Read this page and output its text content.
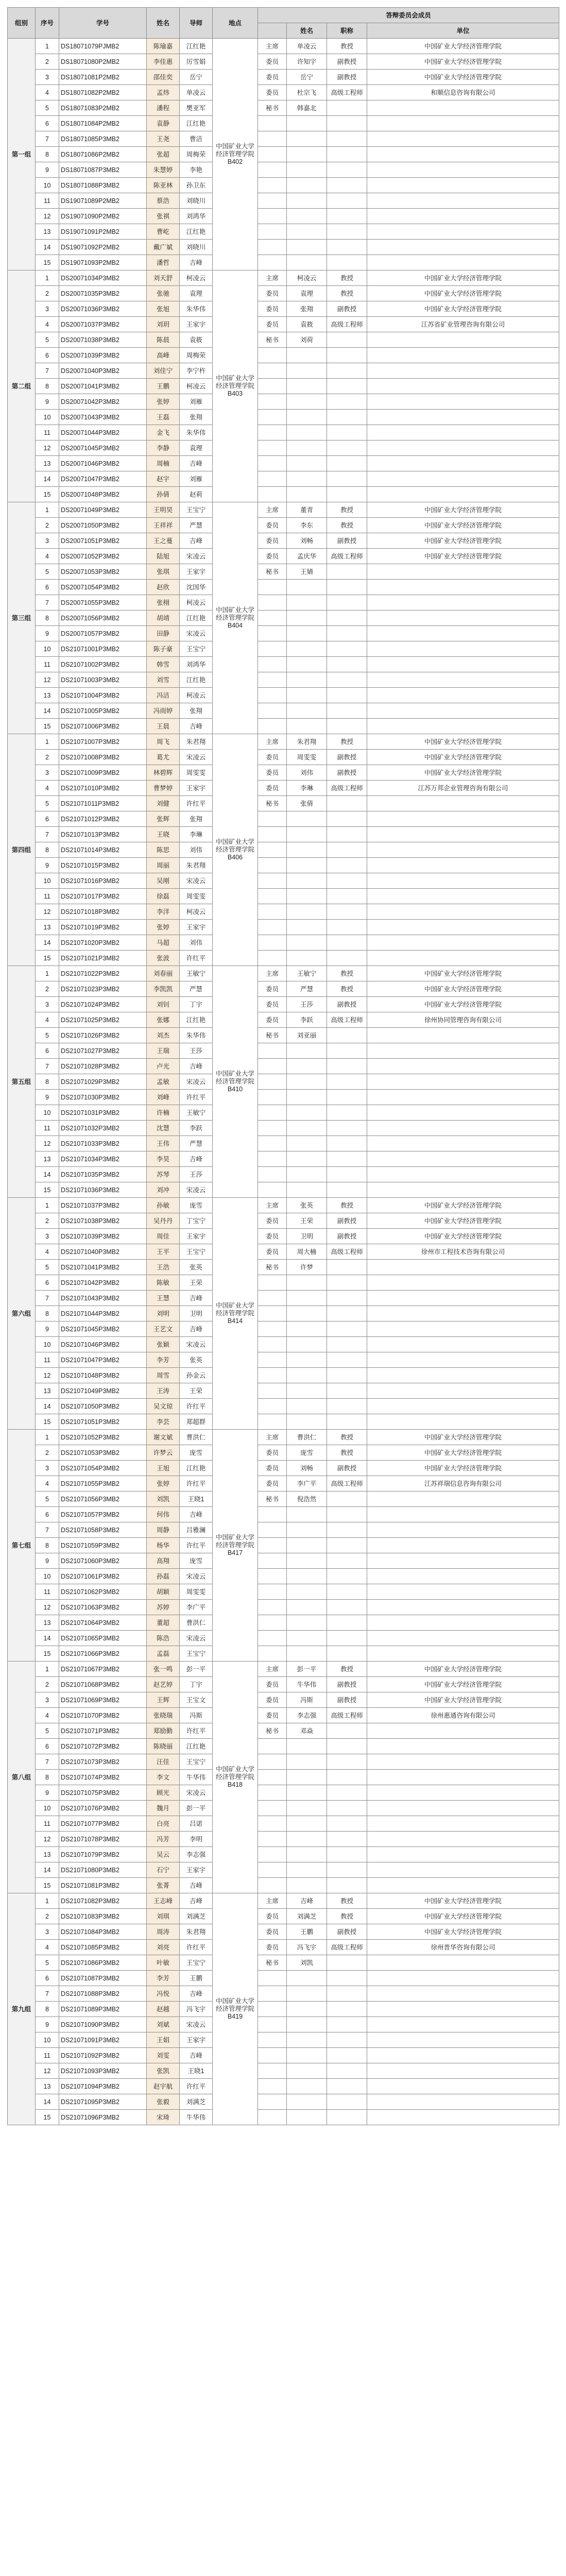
组别	序号	学号	姓名	导师	地点	答辩委员会成员			
							姓名	职称	单位
第一组	1	DS18071079PJMB2	陈瑜嘉	江红艳	中国矿业大学经济管理学院B402	主席	单凌云	教授	中国矿业大学经济管理学院
	2	DS18071080P2MB2	李佳惠	厉雪娟		委员	许知宇	副教授	中国矿业大学经济管理学院
	3	DS18071081P2MB2	邵佳奕	岳宁		委员	岳宁	副教授	中国矿业大学经济管理学院
	4	DS18071082P2MB2	孟炜	单凌云		委员	杜宗飞	高级工程师	和顺信息咨询有限公司
	5	DS18071083P2MB2	潘程	樊亚军		秘书	韩嘉北		
	6	DS18071084P2MB2	袁静	江红艳					
	7	DS18071085P3MB2	王尧	曹洁					
	8	DS18071086P2MB2	张超	周梅荣					
	9	DS18071087P3MB2	朱慧婷	李艳					
	10	DS18071088P3MB2	陈亚林	孙卫东					
	11	DS19071089P2MB2	蔡浩	刘晓川					
	12	DS19071090P2MB2	张祺	刘鸿华					
	13	DS19071091P2MB2	曹屹	江红艳					
	14	DS19071092P2MB2	戴广斌	刘晓川					
	15	DS19071093P2MB2	潘哲	吉峰					
第二组	1	DS20071034P3MB2	刘天舒	柯凌云	中国矿业大学经济管理学院B403	主席	柯凌云	教授	中国矿业大学经济管理学院
	2	DS20071035P3MB2	张驰	袁理		委员	袁理	教授	中国矿业大学经济管理学院
	3	DS20071036P3MB2	张旭	朱华伟		委员	张翔	副教授	中国矿业大学经济管理学院
	4	DS20071037P3MB2	刘玥	王家宇		委员	袁筱	高级工程师	江苏省矿业管理咨询有限公司
	5	DS20071038P3MB2	陈晨	袁筱		秘书	刘荷		
	6	DS20071039P3MB2	高峰	周梅荣					
	7	DS20071040P3MB2	刘佳宁	李宁杵					
	8	DS20071041P3MB2	王鹏	柯凌云					
	9	DS20071042P3MB2	张婷	刘雁					
	10	DS20071043P3MB2	王磊	张翔					
	11	DS20071044P3MB2	金飞	朱华伟					
	12	DS20071045P3MB2	李静	袁理					
	13	DS20071046P3MB2	周楠	吉峰					
	14	DS20071047P3MB2	赵宇	刘雁					
	15	DS20071048P3MB2	孙倩	赵莉					
第三组	1	DS20071049P3MB2	王明昊	王宝宁	中国矿业大学经济管理学院B404	主席	董青	教授	中国矿业大学经济管理学院
	2	DS20071050P3MB2	王祥祥	严慧		委员	李东	教授	中国矿业大学经济管理学院
	3	DS20071051P3MB2	王之蔓	吉峰		委员	刘畅	副教授	中国矿业大学经济管理学院
	4	DS20071052P3MB2	陆旭	宋凌云		委员	孟庆华	高级工程师	中国矿业大学经济管理学院
	5	DS20071053P3MB2	张琪	王家宇		秘书	王婧		
	6	DS20071054P3MB2	赵欣	沈国华					
	7	DS20071055P3MB2	张栩	柯凌云					
	8	DS20071056P3MB2	胡靖	江红艳					
	9	DS20071057P3MB2	田静	宋凌云					
	10	DS21071001P3MB2	陈子豪	王宝宁					
	11	DS21071002P3MB2	韩雪	刘鸿华					
	12	DS21071003P3MB2	刘雪	江红艳					
	13	DS21071004P3MB2	冯洁	柯凌云					
	14	DS21071005P3MB2	冯雨婷	张翔					
	15	DS21071006P3MB2	王晨	吉峰					
第四组	1	DS21071007P3MB2	周飞	朱君翔	中国矿业大学经济管理学院B406	主席	朱君翔	教授	中国矿业大学经济管理学院
	2	DS21071008P3MB2	葛尤	宋凌云		委员	周雯雯	副教授	中国矿业大学经济管理学院
	3	DS21071009P3MB2	林碧辉	周雯雯		委员	刘伟	副教授	中国矿业大学经济管理学院
	4	DS21071010P3MB2	曹梦婷	王家宇		委员	李琳	高级工程师	江苏万邦企业管理咨询有限公司
	5	DS21071011P3MB2	刘健	许红平		秘书	张倩		
	6	DS21071012P3MB2	张辉	张翔					
	7	DS21071013P3MB2	王晓	李琳					
	8	DS21071014P3MB2	陈思	刘伟					
	9	DS21071015P3MB2	周丽	朱君翔					
	10	DS21071016P3MB2	吴刚	宋凌云					
	11	DS21071017P3MB2	徐磊	周雯雯					
	12	DS21071018P3MB2	李洋	柯凌云					
	13	DS21071019P3MB2	张婷	王家宇					
	14	DS21071020P3MB2	马超	刘伟					
	15	DS21071021P3MB2	张波	许红平					
第五组	1	DS21071022P3MB2	刘春丽	王敏宁	中国矿业大学经济管理学院B410	主席	王敏宁	教授	中国矿业大学经济管理学院
	2	DS21071023P3MB2	李凯凯	严慧		委员	严慧	教授	中国矿业大学经济管理学院
	3	DS21071024P3MB2	刘钊	丁宇		委员	王莎	副教授	中国矿业大学经济管理学院
	4	DS21071025P3MB2	张娜	江红艳		委员	李跃	高级工程师	徐州协同管理咨询有限公司
	5	DS21071026P3MB2	刘杰	朱华伟		秘书	刘亚丽		
	6	DS21071027P3MB2	王瑞	王莎					
	7	DS21071028P3MB2	卢光	吉峰					
	8	DS21071029P3MB2	孟敏	宋凌云					
	9	DS21071030P3MB2	刘峰	许红平					
	10	DS21071031P3MB2	许楠	王敏宁					
	11	DS21071032P3MB2	沈慧	李跃					
	12	DS21071033P3MB2	王伟	严慧					
	13	DS21071034P3MB2	李昊	吉峰					
	14	DS21071035P3MB2	苏琴	王莎					
	15	DS21071036P3MB2	刘冲	宋凌云					
第六组	1	DS21071037P3MB2	孙敏	庞雪	中国矿业大学经济管理学院B414	主席	张英	教授	中国矿业大学经济管理学院
	2	DS21071038P3MB2	吴丹丹	丁宝宁		委员	王荣	副教授	中国矿业大学经济管理学院
	3	DS21071039P3MB2	周佳	王家宇		委员	卫明	副教授	中国矿业大学经济管理学院
	4	DS21071040P3MB2	王平	王宝宁		委员	周大楠	高级工程师	徐州市工程技术咨询有限公司
	5	DS21071041P3MB2	王浩	张英		秘书	许梦		
	6	DS21071042P3MB2	陈敏	王荣					
	7	DS21071043P3MB2	王慧	吉峰					
	8	DS21071044P3MB2	刘明	卫明					
	9	DS21071045P3MB2	王艺文	吉峰					
	10	DS21071046P3MB2	张颖	宋凌云					
	11	DS21071047P3MB2	李芳	张英					
	12	DS21071048P3MB2	周雪	孙金云					
	13	DS21071049P3MB2	王涛	王荣					
	14	DS21071050P3MB2	吴文琼	许红平					
	15	DS21071051P3MB2	李芸	郑超群					
第七组	1	DS21071052P3MB2	谢文斌	曹洪仁	中国矿业大学经济管理学院B417	主席	曹洪仁	教授	中国矿业大学经济管理学院
	2	DS21071053P3MB2	许梦云	庞雪		委员	庞雪	教授	中国矿业大学经济管理学院
	3	DS21071054P3MB2	王旭	江红艳		委员	刘畅	副教授	中国矿业大学经济管理学院
	4	DS21071055P3MB2	张婷	许红平		委员	李广平	高级工程师	江苏祥瑞信息咨询有限公司
	5	DS21071056P3MB2	刘凯	王晓1		秘书	倪浩然		
	6	DS21071057P3MB2	何伟	吉峰					
	7	DS21071058P3MB2	周静	吕雅澜					
	8	DS21071059P3MB2	杨华	许红平					
	9	DS21071060P3MB2	高翔	庞雪					
	10	DS21071061P3MB2	孙磊	宋凌云					
	11	DS21071062P3MB2	胡颖	周雯雯					
	12	DS21071063P3MB2	苏婷	李广平					
	13	DS21071064P3MB2	董超	曹洪仁					
	14	DS21071065P3MB2	陈浩	宋凌云					
	15	DS21071066P3MB2	孟磊	王宝宁					
第八组	1	DS21071067P3MB2	张一鸣	彭一平	中国矿业大学经济管理学院B418	主席	彭一平	教授	中国矿业大学经济管理学院
	2	DS21071068P3MB2	赵艺婷	丁宇		委员	牛华伟	副教授	中国矿业大学经济管理学院
	3	DS21071069P3MB2	王辉	王宝文		委员	冯斯	副教授	中国矿业大学经济管理学院
	4	DS21071070P3MB2	张晓瑞	冯斯		委员	李志强	高级工程师	徐州惠通咨询有限公司
	5	DS21071071P3MB2	郑励勤	许红平		秘书	邓焱		
	6	DS21071072P3MB2	陈晓丽	江红艳					
	7	DS21071073P3MB2	汪佳	王宝宁					
	8	DS21071074P3MB2	李文	牛华伟					
	9	DS21071075P3MB2	顾光	宋凌云					
	10	DS21071076P3MB2	魏月	彭一平					
	11	DS21071077P3MB2	白亮	吕诺					
	12	DS21071078P3MB2	冯芳	李明					
	13	DS21071079P3MB2	吴云	李志强					
	14	DS21071080P3MB2	石宁	王家宇					
	15	DS21071081P3MB2	张菁	吉峰					
第九组	1	DS21071082P3MB2	王志峰	吉峰	中国矿业大学经济管理学院B419	主席	吉峰	教授	中国矿业大学经济管理学院
	2	DS21071083P3MB2	刘琪	刘满芝		委员	刘满芝	教授	中国矿业大学经济管理学院
	3	DS21071084P3MB2	周涛	朱君翔		委员	王鹏	副教授	中国矿业大学经济管理学院
	4	DS21071085P3MB2	刘亮	许红平		委员	冯飞宇	高级工程师	徐州普华咨询有限公司
	5	DS21071086P3MB2	叶敏	王宝宁		秘书	刘凯		
	6	DS21071087P3MB2	李芳	王鹏					
	7	DS21071088P3MB2	冯悦	吉峰					
	8	DS21071089P3MB2	赵越	冯飞宇					
	9	DS21071090P3MB2	刘斌	宋凌云					
	10	DS21071091P3MB2	王娟	王家宇					
	11	DS21071092P3MB2	刘雯	吉峰					
	12	DS21071093P3MB2	张凯	王晓1					
	13	DS21071094P3MB2	赵宇航	许红平					
	14	DS21071095P3MB2	张毅	刘满芝					
	15	DS21071096P3MB2	宋琦	牛华伟					
